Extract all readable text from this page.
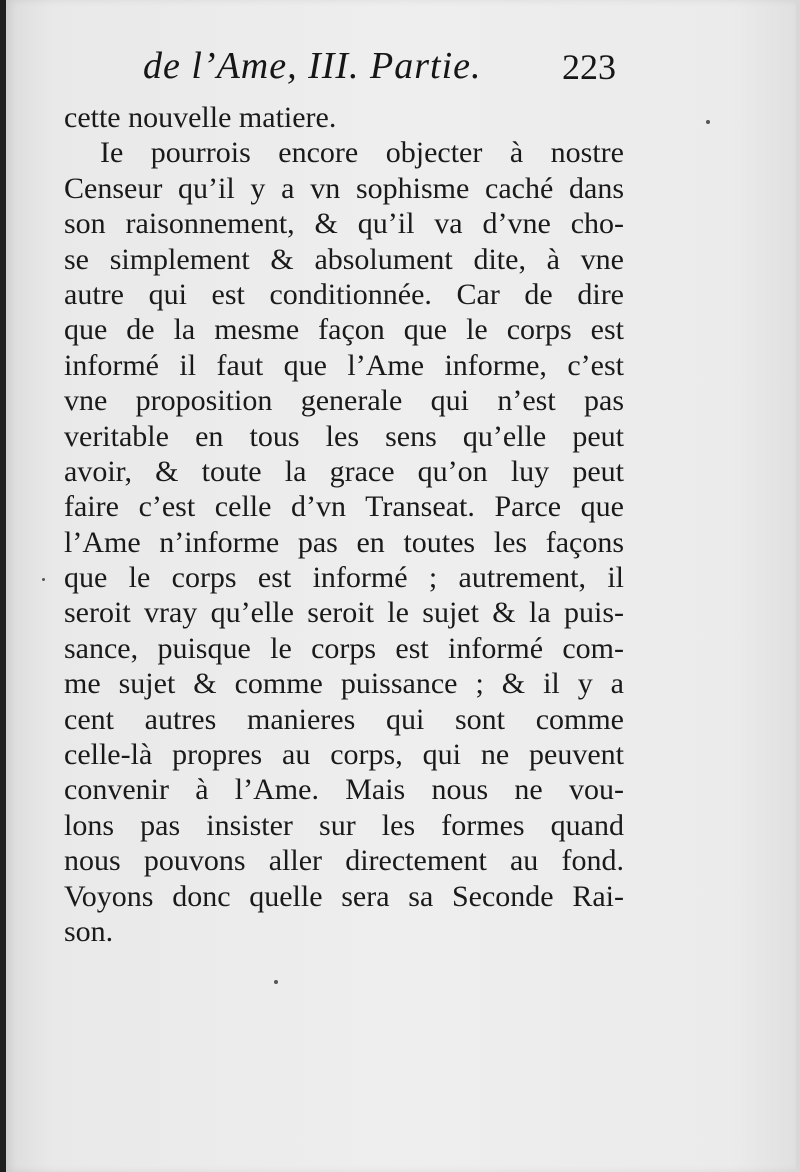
de l’Ame, III. Partie. 223
cette nouvelle matiere.
Ie pourrois encore objecter à nostre
Censeur qu’il y a vn sophisme caché dans
son raisonnement, & qu’il va d’vne cho-
se simplement & absolument dite, à vne
autre qui est conditionnée. Car de dire
que de la mesme façon que le corps est
informé il faut que l’Ame informe, c’est
vne proposition generale qui n’est pas
veritable en tous les sens qu’elle peut
avoir, & toute la grace qu’on luy peut
faire c’est celle d’vn Transeat. Parce que
l’Ame n’informe pas en toutes les façons
que le corps est informé ; autrement, il
seroit vray qu’elle seroit le sujet & la puis-
sance, puisque le corps est informé com-
me sujet & comme puissance ; & il y a
cent autres manieres qui sont comme
celle-là propres au corps, qui ne peuvent
convenir à l’Ame. Mais nous ne vou-
lons pas insister sur les formes quand
nous pouvons aller directement au fond.
Voyons donc quelle sera sa Seconde Rai-
son.
